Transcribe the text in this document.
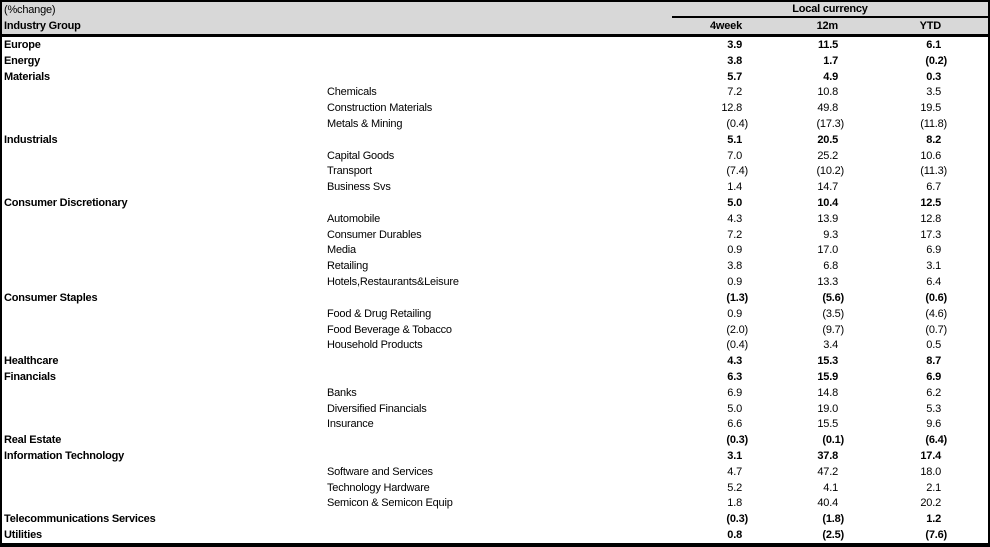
(%change)	Local currency
Industry Group	4week	12m	YTD
Europe	3.9	11.5	6.1
Energy	3.8	1.7	(0.2)
Materials	5.7	4.9	0.3
Chemicals	7.2	10.8	3.5
Construction Materials	12.8	49.8	19.5
Metals & Mining	(0.4)	(17.3)	(11.8)
Industrials	5.1	20.5	8.2
Capital Goods	7.0	25.2	10.6
Transport	(7.4)	(10.2)	(11.3)
Business Svs	1.4	14.7	6.7
Consumer Discretionary	5.0	10.4	12.5
Automobile	4.3	13.9	12.8
Consumer Durables	7.2	9.3	17.3
Media	0.9	17.0	6.9
Retailing	3.8	6.8	3.1
Hotels,Restaurants&Leisure	0.9	13.3	6.4
Consumer Staples	(1.3)	(5.6)	(0.6)
Food & Drug Retailing	0.9	(3.5)	(4.6)
Food Beverage & Tobacco	(2.0)	(9.7)	(0.7)
Household Products	(0.4)	3.4	0.5
Healthcare	4.3	15.3	8.7
Financials	6.3	15.9	6.9
Banks	6.9	14.8	6.2
Diversified Financials	5.0	19.0	5.3
Insurance	6.6	15.5	9.6
Real Estate	(0.3)	(0.1)	(6.4)
Information Technology	3.1	37.8	17.4
Software and Services	4.7	47.2	18.0
Technology Hardware	5.2	4.1	2.1
Semicon & Semicon Equip	1.8	40.4	20.2
Telecommunications Services	(0.3)	(1.8)	1.2
Utilities	0.8	(2.5)	(7.6)
